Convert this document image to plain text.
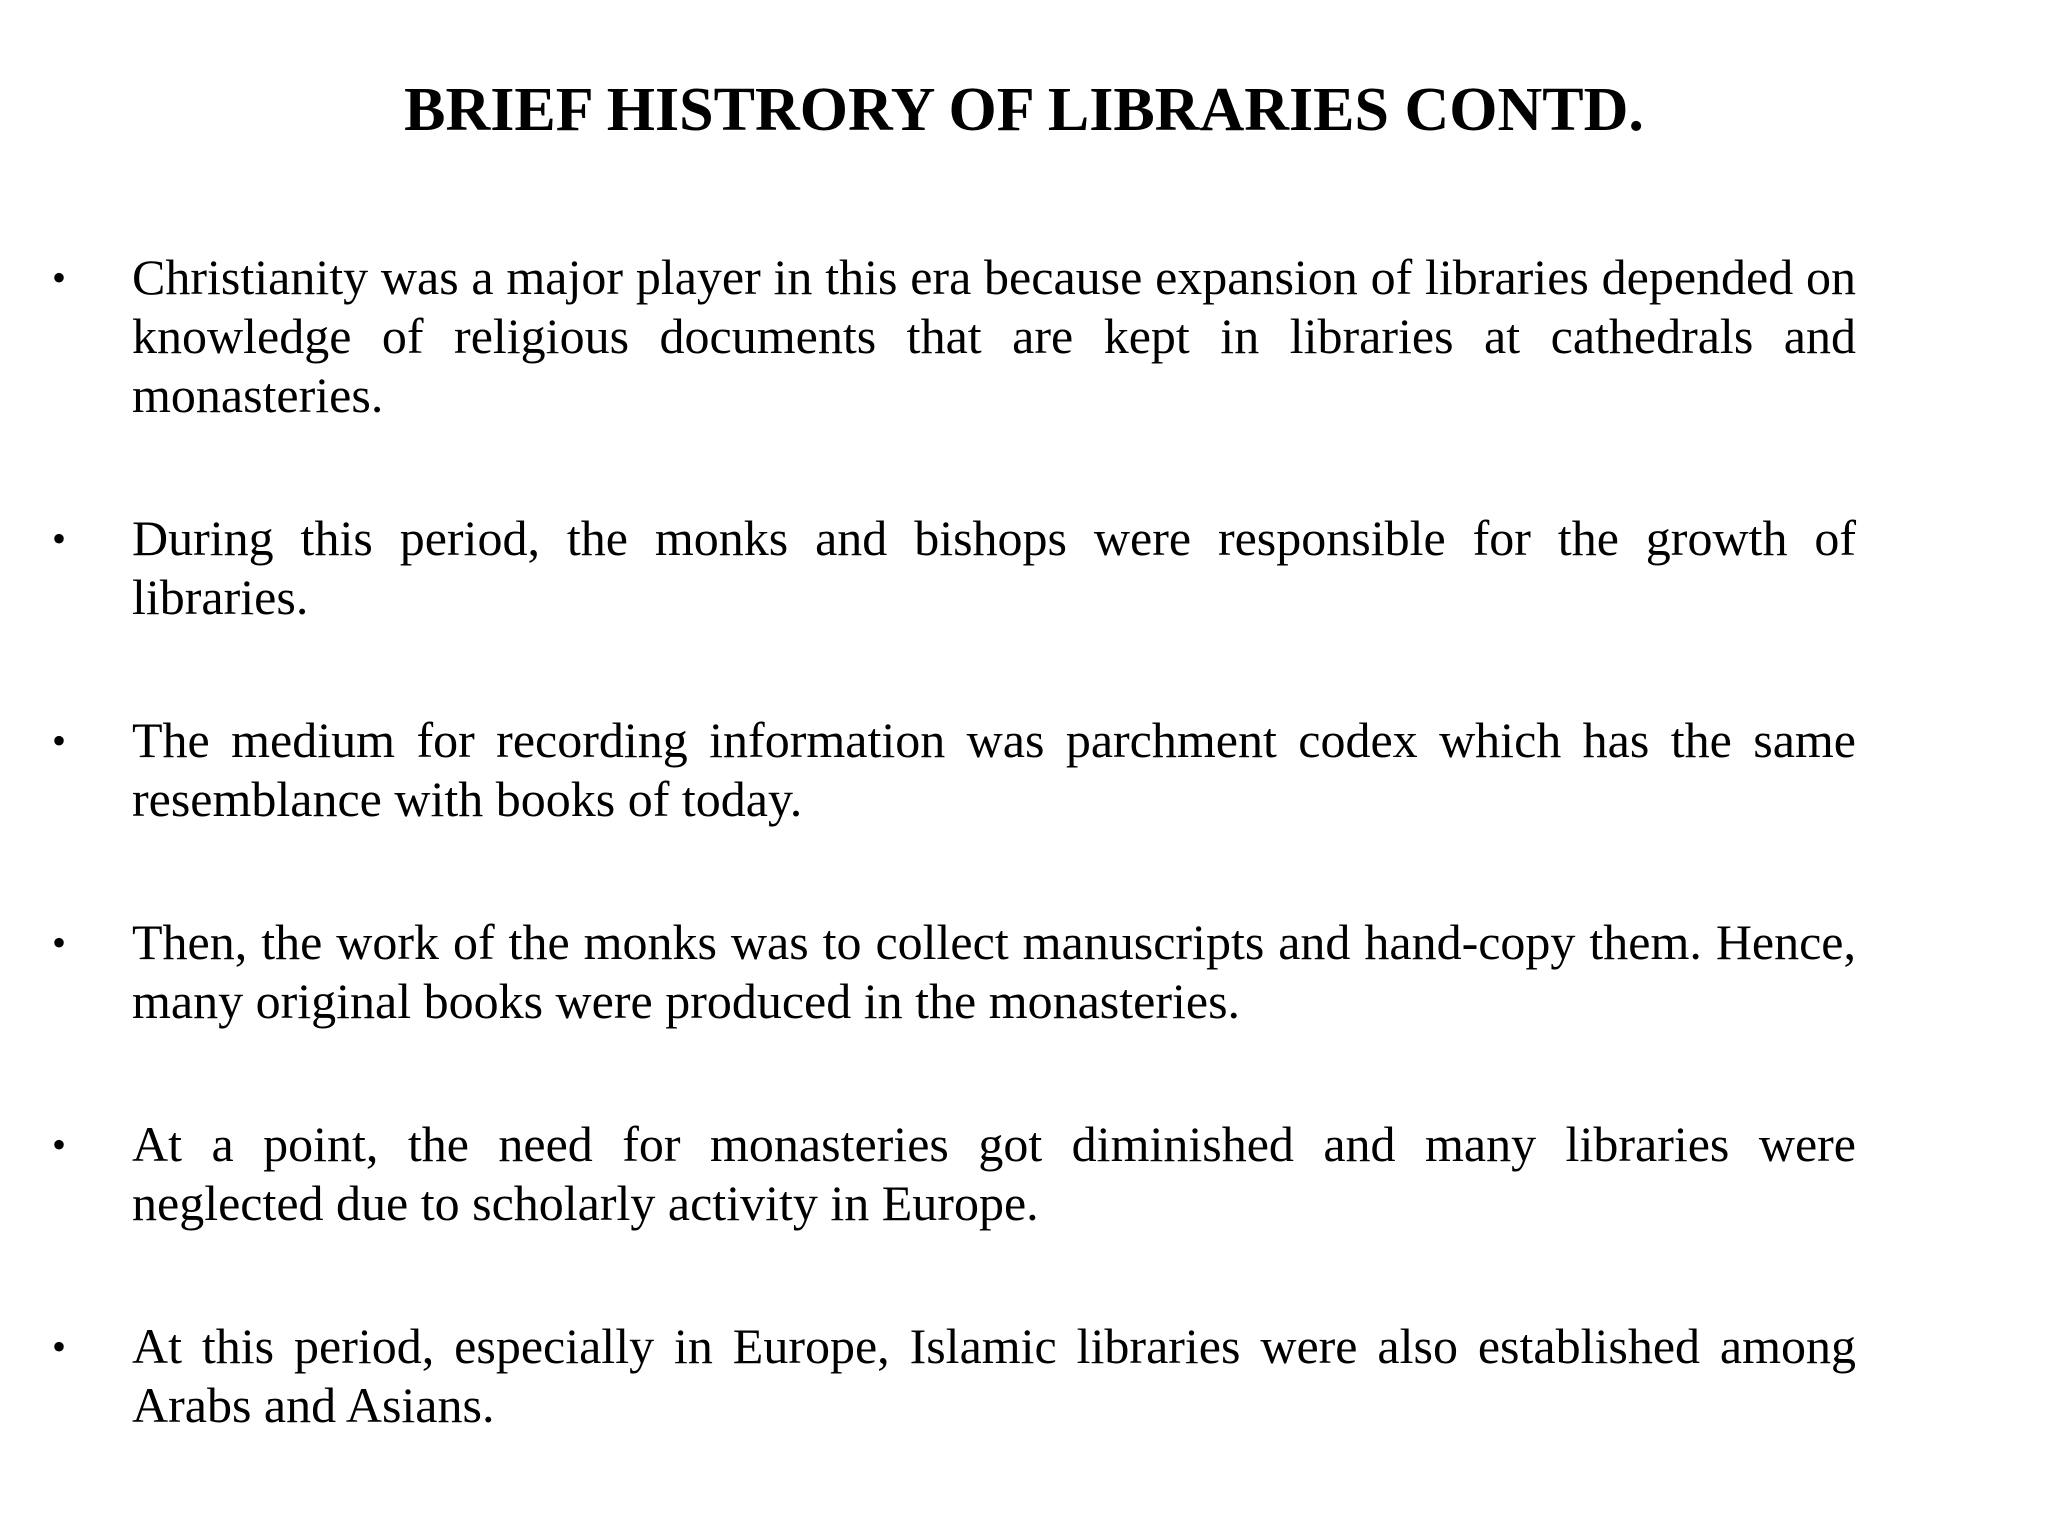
BRIEF HISTRORY OF LIBRARIES CONTD.
• Christianity was a major player in this era because expansion of libraries depended on knowledge of religious documents that are kept in libraries at cathedrals and monasteries.
• During this period, the monks and bishops were responsible for the growth of libraries.
• The medium for recording information was parchment codex which has the same resemblance with books of today.
• Then, the work of the monks was to collect manuscripts and hand-copy them. Hence, many original books were produced in the monasteries.
• At a point, the need for monasteries got diminished and many libraries were neglected due to scholarly activity in Europe.
• At this period, especially in Europe, Islamic libraries were also established among Arabs and Asians.
